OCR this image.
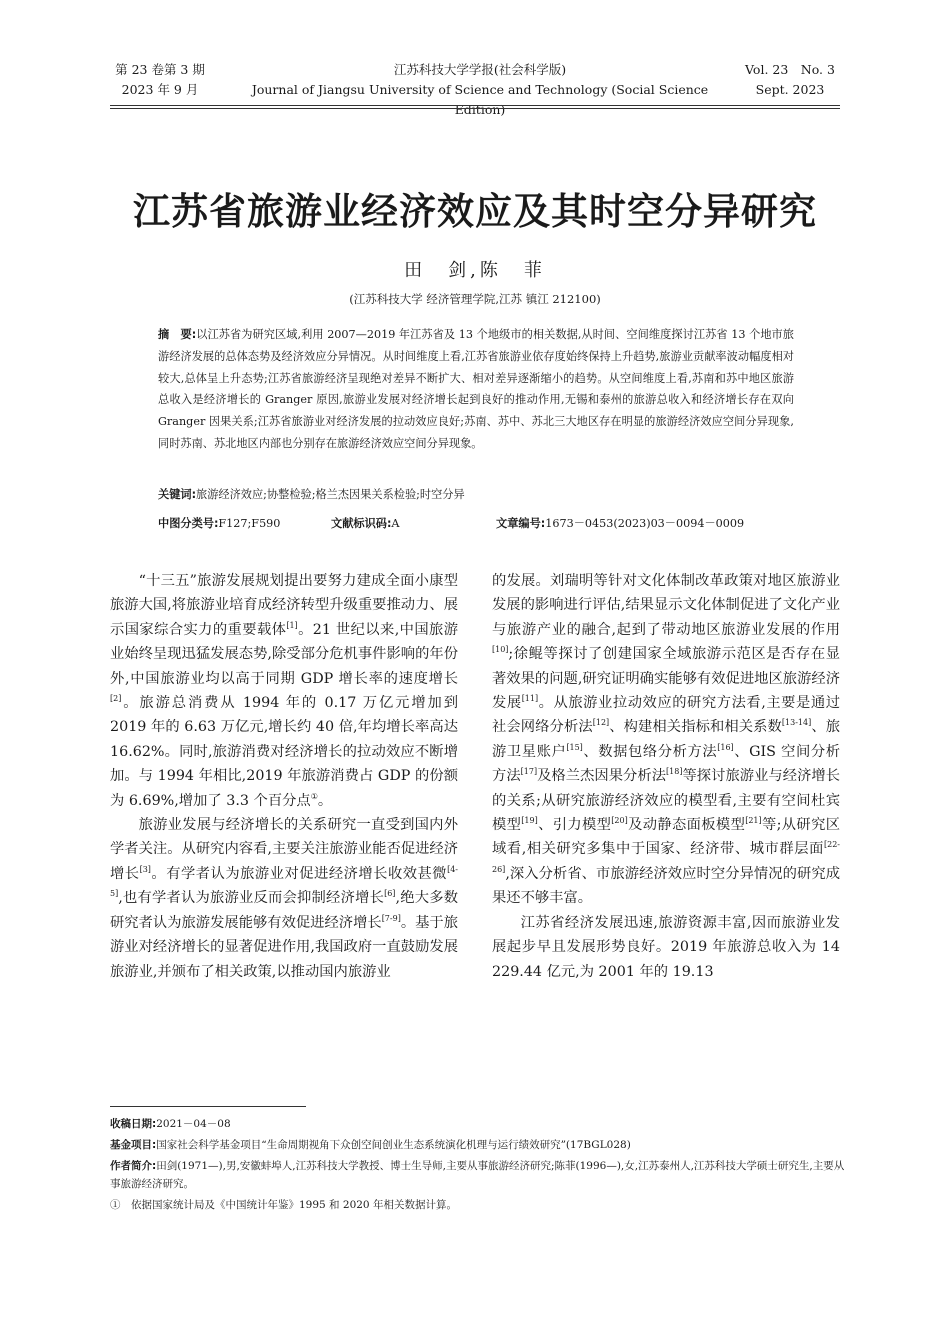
第 23 卷第 3 期
2023 年 9 月
江苏科技大学学报(社会科学版)
Journal of Jiangsu University of Science and Technology (Social Science Edition)
Vol. 23　No. 3
Sept. 2023
江苏省旅游业经济效应及其时空分异研究
田　剑,陈　菲
(江苏科技大学 经济管理学院,江苏 镇江 212100)
摘　要:以江苏省为研究区域,利用 2007—2019 年江苏省及 13 个地级市的相关数据,从时间、空间维度探讨江苏省 13 个地市旅游经济发展的总体态势及经济效应分异情况。从时间维度上看,江苏省旅游业依存度始终保持上升趋势,旅游业贡献率波动幅度相对较大,总体呈上升态势;江苏省旅游经济呈现绝对差异不断扩大、相对差异逐渐缩小的趋势。从空间维度上看,苏南和苏中地区旅游总收入是经济增长的 Granger 原因,旅游业发展对经济增长起到良好的推动作用,无锡和泰州的旅游总收入和经济增长存在双向 Granger 因果关系;江苏省旅游业对经济发展的拉动效应良好;苏南、苏中、苏北三大地区存在明显的旅游经济效应空间分异现象,同时苏南、苏北地区内部也分别存在旅游经济效应空间分异现象。
关键词:旅游经济效应;协整检验;格兰杰因果关系检验;时空分异
中图分类号:F127;F590	文献标识码:A	文章编号:1673－0453(2023)03－0094－0009

“十三五”旅游发展规划提出要努力建成全面小康型旅游大国,将旅游业培育成经济转型升级重要推动力、展示国家综合实力的重要载体[1]。21 世纪以来,中国旅游业始终呈现迅猛发展态势,除受部分危机事件影响的年份外,中国旅游业均以高于同期 GDP 增长率的速度增长[2]。旅游总消费从 1994 年的 0.17 万亿元增加到 2019 年的 6.63 万亿元,增长约 40 倍,年均增长率高达 16.62%。同时,旅游消费对经济增长的拉动效应不断增加。与 1994 年相比,2019 年旅游消费占 GDP 的份额为 6.69%,增加了 3.3 个百分点①。

旅游业发展与经济增长的关系研究一直受到国内外学者关注。从研究内容看,主要关注旅游业能否促进经济增长[3]。有学者认为旅游业对促进经济增长收效甚微[4-5],也有学者认为旅游业反而会抑制经济增长[6],绝大多数研究者认为旅游发展能够有效促进经济增长[7-9]。基于旅游业对经济增长的显著促进作用,我国政府一直鼓励发展旅游业,并颁布了相关政策,以推动国内旅游业

的发展。刘瑞明等针对文化体制改革政策对地区旅游业发展的影响进行评估,结果显示文化体制促进了文化产业与旅游产业的融合,起到了带动地区旅游业发展的作用[10];徐鲲等探讨了创建国家全域旅游示范区是否存在显著效果的问题,研究证明确实能够有效促进地区旅游经济发展[11]。从旅游业拉动效应的研究方法看,主要是通过社会网络分析法[12]、构建相关指标和相关系数[13-14]、旅游卫星账户[15]、数据包络分析方法[16]、GIS 空间分析方法[17]及格兰杰因果分析法[18]等探讨旅游业与经济增长的关系;从研究旅游经济效应的模型看,主要有空间杜宾模型[19]、引力模型[20]及动静态面板模型[21]等;从研究区域看,相关研究多集中于国家、经济带、城市群层面[22-26],深入分析省、市旅游经济效应时空分异情况的研究成果还不够丰富。

江苏省经济发展迅速,旅游资源丰富,因而旅游业发展起步早且发展形势良好。2019 年旅游总收入为 14 229.44 亿元,为 2001 年的 19.13

收稿日期:2021－04－08
基金项目:国家社会科学基金项目“生命周期视角下众创空间创业生态系统演化机理与运行绩效研究”(17BGL028)
作者简介:田剑(1971—),男,安徽蚌埠人,江苏科技大学教授、博士生导师,主要从事旅游经济研究;陈菲(1996—),女,江苏泰州人,江苏科技大学硕士研究生,主要从事旅游经济研究。
①　 依据国家统计局及《中国统计年鉴》1995 和 2020 年相关数据计算。
